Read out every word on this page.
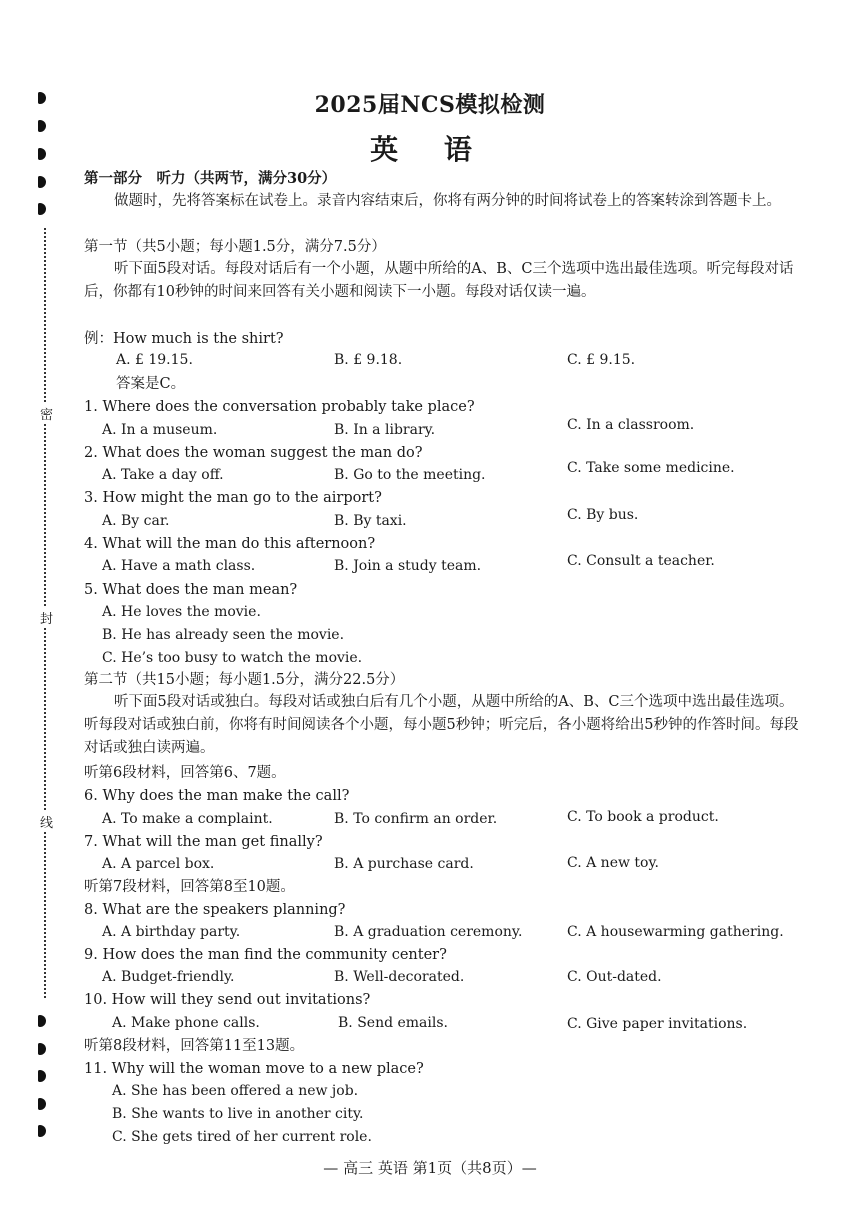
密
封
线
2025届NCS模拟检测
英 语
第一部分　听力（共两节，满分30分）
做题时，先将答案标在试卷上。录音内容结束后，你将有两分钟的时间将试卷上的答案转涂到答题卡上。
第一节（共5小题；每小题1.5分，满分7.5分）
听下面5段对话。每段对话后有一个小题，从题中所给的A、B、C三个选项中选出最佳选项。听完每段对话后，你都有10秒钟的时间来回答有关小题和阅读下一小题。每段对话仅读一遍。
例：How much is the shirt?
A. £ 19.15.	B. £ 9.18.	C. £ 9.15.
答案是C。
1. Where does the conversation probably take place?
A. In a museum.	B. In a library.	C. In a classroom.
2. What does the woman suggest the man do?
A. Take a day off.	B. Go to the meeting.	C. Take some medicine.
3. How might the man go to the airport?
A. By car.	B. By taxi.	C. By bus.
4. What will the man do this afternoon?
A. Have a math class.	B. Join a study team.	C. Consult a teacher.
5. What does the man mean?
A. He loves the movie.
B. He has already seen the movie.
C. He’s too busy to watch the movie.
第二节（共15小题；每小题1.5分，满分22.5分）
听下面5段对话或独白。每段对话或独白后有几个小题，从题中所给的A、B、C三个选项中选出最佳选项。听每段对话或独白前，你将有时间阅读各个小题，每小题5秒钟；听完后，各小题将给出5秒钟的作答时间。每段对话或独白读两遍。
听第6段材料，回答第6、7题。
6. Why does the man make the call?
A. To make a complaint.	B. To confirm an order.	C. To book a product.
7. What will the man get finally?
A. A parcel box.	B. A purchase card.	C. A new toy.
听第7段材料，回答第8至10题。
8. What are the speakers planning?
A. A birthday party.	B. A graduation ceremony.	C. A housewarming gathering.
9. How does the man find the community center?
A. Budget-friendly.	B. Well-decorated.	C. Out-dated.
10. How will they send out invitations?
A. Make phone calls.	B. Send emails.	C. Give paper invitations.
听第8段材料，回答第11至13题。
11. Why will the woman move to a new place?
A. She has been offered a new job.
B. She wants to live in another city.
C. She gets tired of her current role.
— 高三 英语 第1页（共8页）—
